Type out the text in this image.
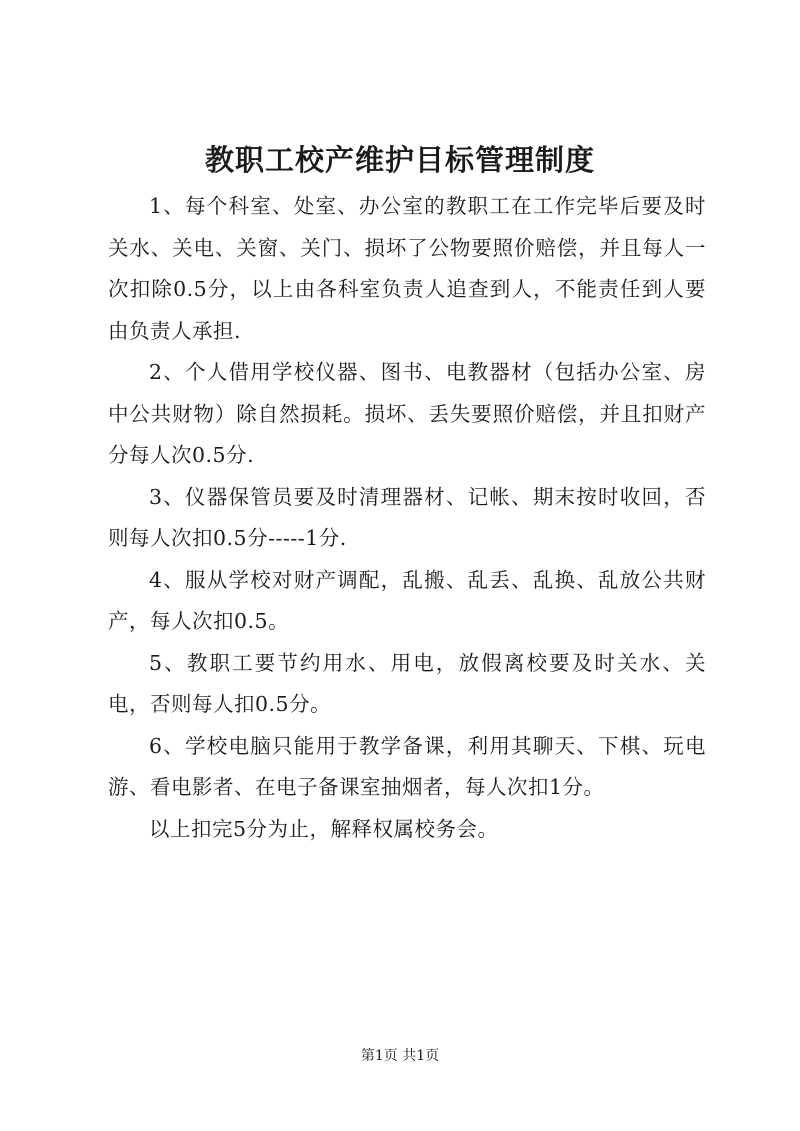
教职工校产维护目标管理制度

1、每个科室、处室、办公室的教职工在工作完毕后要及时关水、关电、关窗、关门、损坏了公物要照价赔偿，并且每人一次扣除0.5分，以上由各科室负责人追查到人，不能责任到人要由负责人承担.

2、个人借用学校仪器、图书、电教器材（包括办公室、房中公共财物）除自然损耗。损坏、丢失要照价赔偿，并且扣财产分每人次0.5分.

3、仪器保管员要及时清理器材、记帐、期末按时收回，否则每人次扣0.5分-----1分.

4、服从学校对财产调配，乱搬、乱丢、乱换、乱放公共财产，每人次扣0.5。

5、教职工要节约用水、用电，放假离校要及时关水、关电，否则每人扣0.5分。

6、学校电脑只能用于教学备课，利用其聊天、下棋、玩电游、看电影者、在电子备课室抽烟者，每人次扣1分。

以上扣完5分为止，解释权属校务会。

第1页 共1页
